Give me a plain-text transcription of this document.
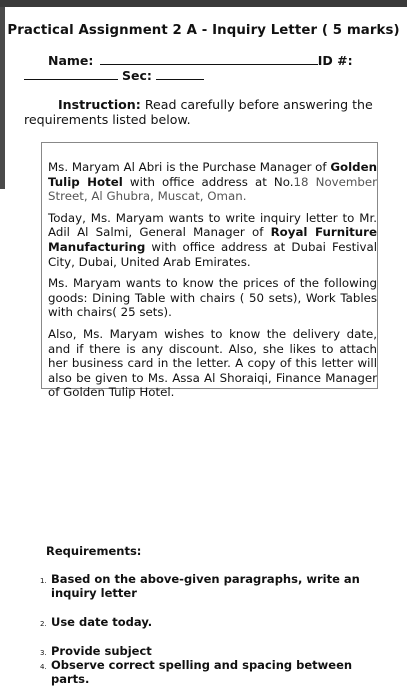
Practical Assignment 2 A - Inquiry Letter ( 5 marks)
Name:	ID #:
Sec:
Instruction: Read carefully before answering the requirements listed below.

Ms. Maryam Al Abri is the Purchase Manager of Golden Tulip Hotel with office address at No.18 November Street, Al Ghubra, Muscat, Oman.

Today, Ms. Maryam wants to write inquiry letter to Mr. Adil Al Salmi, General Manager of Royal Furniture Manufacturing with office address at Dubai Festival City, Dubai, United Arab Emirates.

Ms. Maryam wants to know the prices of the following goods: Dining Table with chairs ( 50 sets), Work Tables with chairs( 25 sets).

Also, Ms. Maryam wishes to know the delivery date, and if there is any discount. Also, she likes to attach her business card in the letter. A copy of this letter will also be given to Ms. Assa Al Shoraiqi, Finance Manager of Golden Tulip Hotel.

Requirements:
1. Based on the above-given paragraphs, write an inquiry letter
2. Use date today.
3. Provide subject
4. Observe correct spelling and spacing between parts.
